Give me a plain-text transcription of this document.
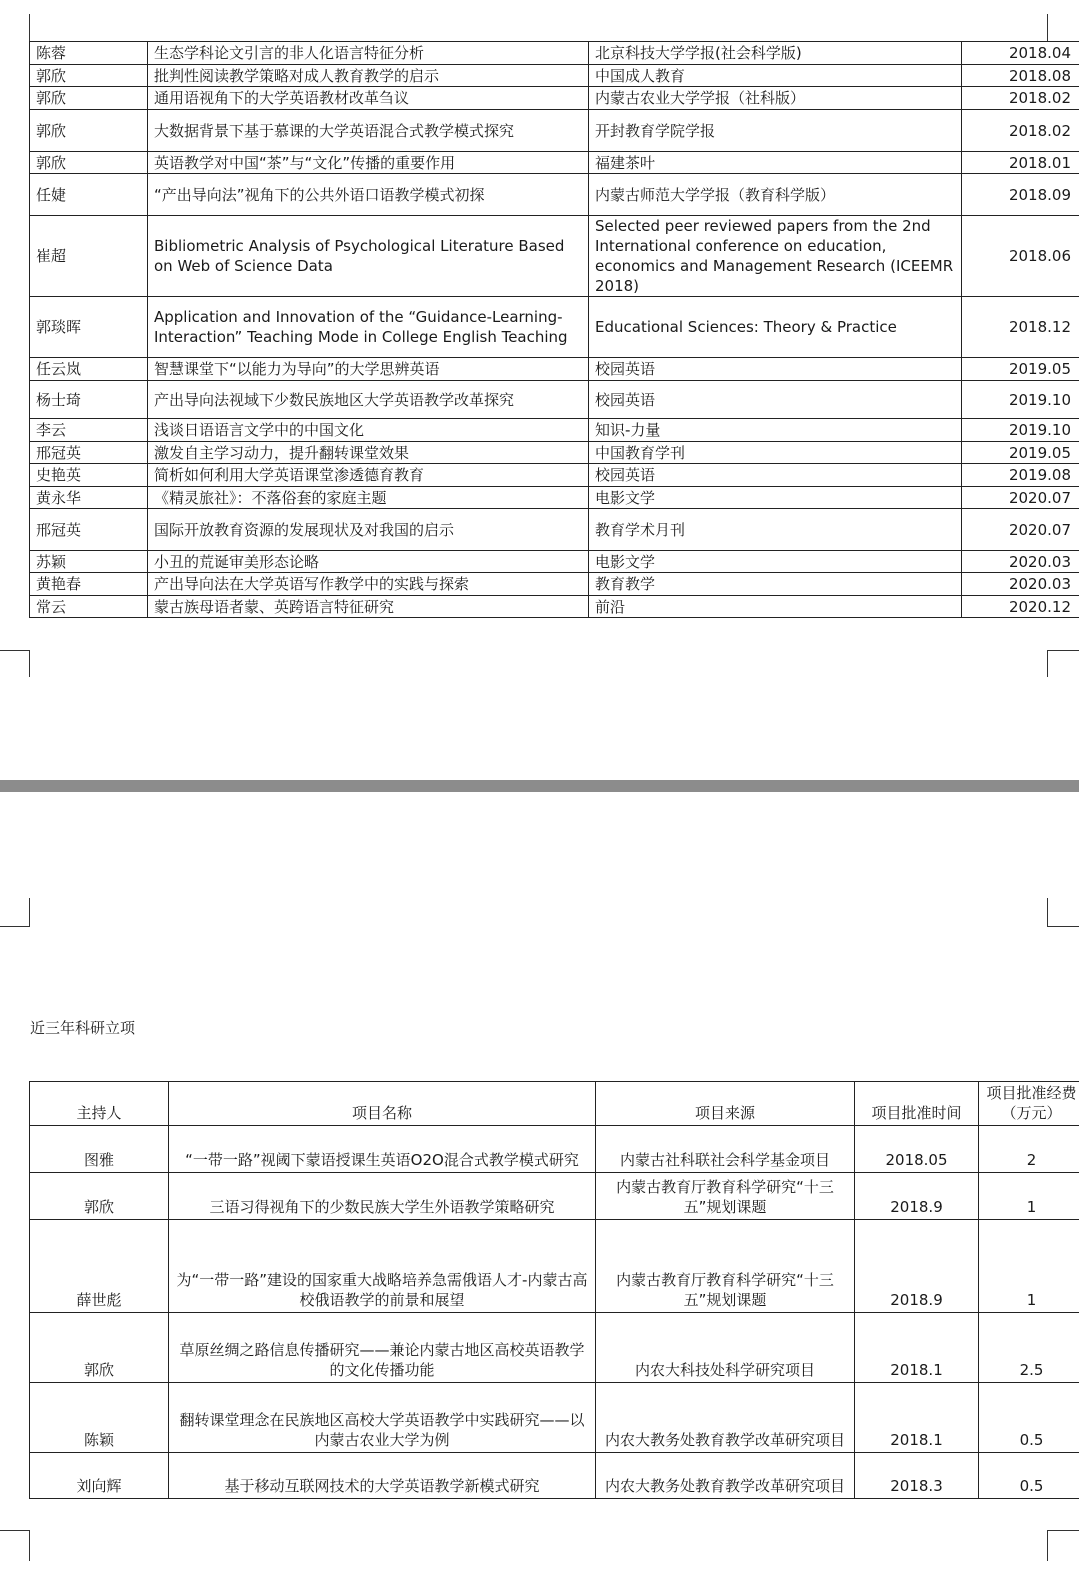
陈蓉	生态学科论文引言的非人化语言特征分析	北京科技大学学报(社会科学版)	2018.04
郭欣	批判性阅读教学策略对成人教育教学的启示	中国成人教育	2018.08
郭欣	通用语视角下的大学英语教材改革刍议	内蒙古农业大学学报（社科版）	2018.02
郭欣	大数据背景下基于慕课的大学英语混合式教学模式探究	开封教育学院学报	2018.02
郭欣	英语教学对中国“茶”与“文化”传播的重要作用	福建茶叶	2018.01
任婕	“产出导向法”视角下的公共外语口语教学模式初探	内蒙古师范大学学报（教育科学版）	2018.09
崔超	Bibliometric Analysis of Psychological Literature Based on Web of Science Data	Selected peer reviewed papers from the 2nd International conference on education, economics and Management Research (ICEEMR 2018)	2018.06
郭琰晖	Application and Innovation of the “Guidance-Learning-Interaction” Teaching Mode in College English Teaching	Educational Sciences: Theory & Practice	2018.12
任云岚	智慧课堂下“以能力为导向”的大学思辨英语	校园英语	2019.05
杨士琦	产出导向法视域下少数民族地区大学英语教学改革探究	校园英语	2019.10
李云	浅谈日语语言文学中的中国文化	知识-力量	2019.10
邢冠英	激发自主学习动力，提升翻转课堂效果	中国教育学刊	2019.05
史艳英	简析如何利用大学英语课堂渗透德育教育	校园英语	2019.08
黄永华	《精灵旅社》：不落俗套的家庭主题	电影文学	2020.07
邢冠英	国际开放教育资源的发展现状及对我国的启示	教育学术月刊	2020.07
苏颖	小丑的荒诞审美形态论略	电影文学	2020.03
黄艳春	产出导向法在大学英语写作教学中的实践与探索	教育教学	2020.03
常云	蒙古族母语者蒙、英跨语言特征研究	前沿	2020.12
近三年科研立项
主持人	项目名称	项目来源	项目批准时间	项目批准经费
（万元）

图雅	“一带一路”视阈下蒙语授课生英语O2O混合式教学模式研究	内蒙古社科联社会科学基金项目	2018.05	2
郭欣	三语习得视角下的少数民族大学生外语教学策略研究	内蒙古教育厅教育科学研究“十三五”规划课题	2018.9	1
薛世彪	为“一带一路”建设的国家重大战略培养急需俄语人才-内蒙古高校俄语教学的前景和展望	内蒙古教育厅教育科学研究“十三五”规划课题	2018.9	1
郭欣	草原丝绸之路信息传播研究——兼论内蒙古地区高校英语教学的文化传播功能	内农大科技处科学研究项目	2018.1	2.5
陈颖	翻转课堂理念在民族地区高校大学英语教学中实践研究——以内蒙古农业大学为例	内农大教务处教育教学改革研究项目	2018.1	0.5
刘向辉	基于移动互联网技术的大学英语教学新模式研究	内农大教务处教育教学改革研究项目	2018.3	0.5
